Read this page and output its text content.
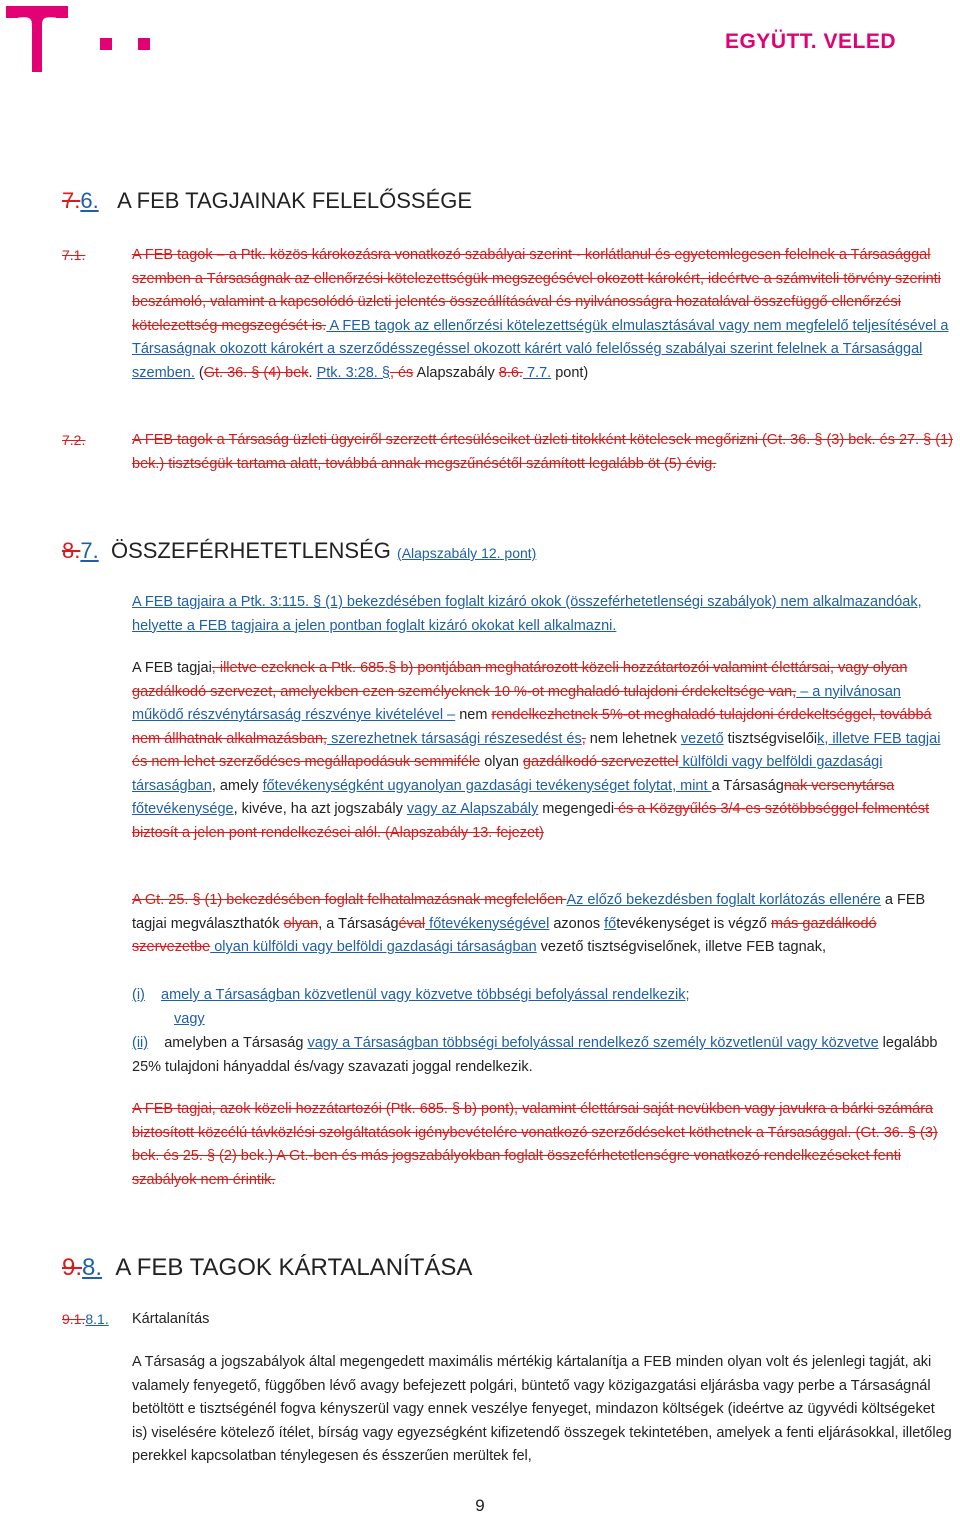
EGYÜTT. VELED
7.6. A FEB TAGJAINAK FELELŐSSÉGE
7.1.	A FEB tagok – a Ptk. közös károkozásra vonatkozó szabályai szerint - korlátlanul és egyetemlegesen felelnek a Társasággal szemben a Társaságnak az ellenőrzési kötelezettségük megszegésével okozott károkért, ideértve a számviteli törvény szerinti beszámoló, valamint a kapcsolódó üzleti jelentés összeállításával és nyilvánosságra hozatalával összefüggő ellenőrzési kötelezettség megszegését is. A FEB tagok az ellenőrzési kötelezettségük elmulasztásával vagy nem megfelelő teljesítésével a Társaságnak okozott károkért a szerződésszegéssel okozott kárért való felelősség szabályai szerint felelnek a Társasággal szemben. (Gt. 36. § (4) bek. Ptk. 3:28. §, és Alapszabály 8.6. 7.7. pont)
7.2.	A FEB tagok a Társaság üzleti ügyeiről szerzett értesüléseiket üzleti titokként kötelesek megőrizni (Gt. 36. § (3) bek. és 27. § (1) bek.) tisztségük tartama alatt, továbbá annak megszűnésétől számított legalább öt (5) évig.
8.7. ÖSSZEFÉRHETETLENSÉG (Alapszabály 12. pont)
A FEB tagjaira a Ptk. 3:115. § (1) bekezdésében foglalt kizáró okok (összeférhetetlenségi szabályok) nem alkalmazandóak, helyette a FEB tagjaira a jelen pontban foglalt kizáró okokat kell alkalmazni.
A FEB tagjai, illetve ezeknek a Ptk. 685.§ b) pontjában meghatározott közeli hozzátartozói valamint élettársai, vagy olyan gazdálkodó szervezet, amelyekben ezen személyeknek 10 %-ot meghaladó tulajdoni érdekeltsége van, – a nyilvánosan működő részvénytársaság részvénye kivételével – nem rendelkezhetnek 5%-ot meghaladó tulajdoni érdekeltséggel, továbbá nem állhatnak alkalmazásban, szerezhetnek társasági részesedést és, nem lehetnek vezető tisztségviselőik, illetve FEB tagjai és nem lehet szerződéses megállapodásuk semmiféle olyan gazdálkodó szervezettel külföldi vagy belföldi gazdasági társaságban, amely főtevékenységként ugyanolyan gazdasági tevékenységet folytat, mint a Társaságnak versenytársa főtevékenysége, kivéve, ha azt jogszabály vagy az Alapszabály megengedi és a Közgyűlés 3/4-es szótöbbséggel felmentést biztosít a jelen pont rendelkezései alól. (Alapszabály 13. fejezet)
A Gt. 25. § (1) bekezdésében foglalt felhatalmazásnak megfelelően Az előző bekezdésben foglalt korlátozás ellenére a FEB tagjai megválaszthatók olyan, a Társaságéval főtevékenységével azonos főtevékenységet is végző más gazdálkodó szervezetbe olyan külföldi vagy belföldi gazdasági társaságban vezető tisztségviselőnek, illetve FEB tagnak,
(i) amely a Társaságban közvetlenül vagy közvetve többségi befolyással rendelkezik;
vagy
(ii) amelyben a Társaság vagy a Társaságban többségi befolyással rendelkező személy közvetlenül vagy közvetve legalább 25% tulajdoni hányaddal és/vagy szavazati joggal rendelkezik.
A FEB tagjai, azok közeli hozzátartozói (Ptk. 685. § b) pont), valamint élettársai saját nevükben vagy javukra a bárki számára biztosított közcélú távközlési szolgáltatások igénybevételére vonatkozó szerződéseket köthetnek a Társasággal. (Gt. 36. § (3) bek. és 25. § (2) bek.) A Gt.-ben és más jogszabályokban foglalt összeférhetetlenségre vonatkozó rendelkezéseket fenti szabályok nem érintik.
9.8. A FEB TAGOK KÁRTALANÍTÁSA
9.1.8.1. Kártalanítás
A Társaság a jogszabályok által megengedett maximális mértékig kártalanítja a FEB minden olyan volt és jelenlegi tagját, aki valamely fenyegető, függőben lévő avagy befejezett polgári, büntető vagy közigazgatási eljárásba vagy perbe a Társaságnál betöltött e tisztségénél fogva kényszerül vagy ennek veszélye fenyeget, mindazon költségek (ideértve az ügyvédi költségeket is) viselésére kötelező ítélet, bírság vagy egyezségként kifizetendő összegek tekintetében, amelyek a fenti eljárásokkal, illetőleg perekkel kapcsolatban ténylegesen és ésszerűen merültek fel,
9
